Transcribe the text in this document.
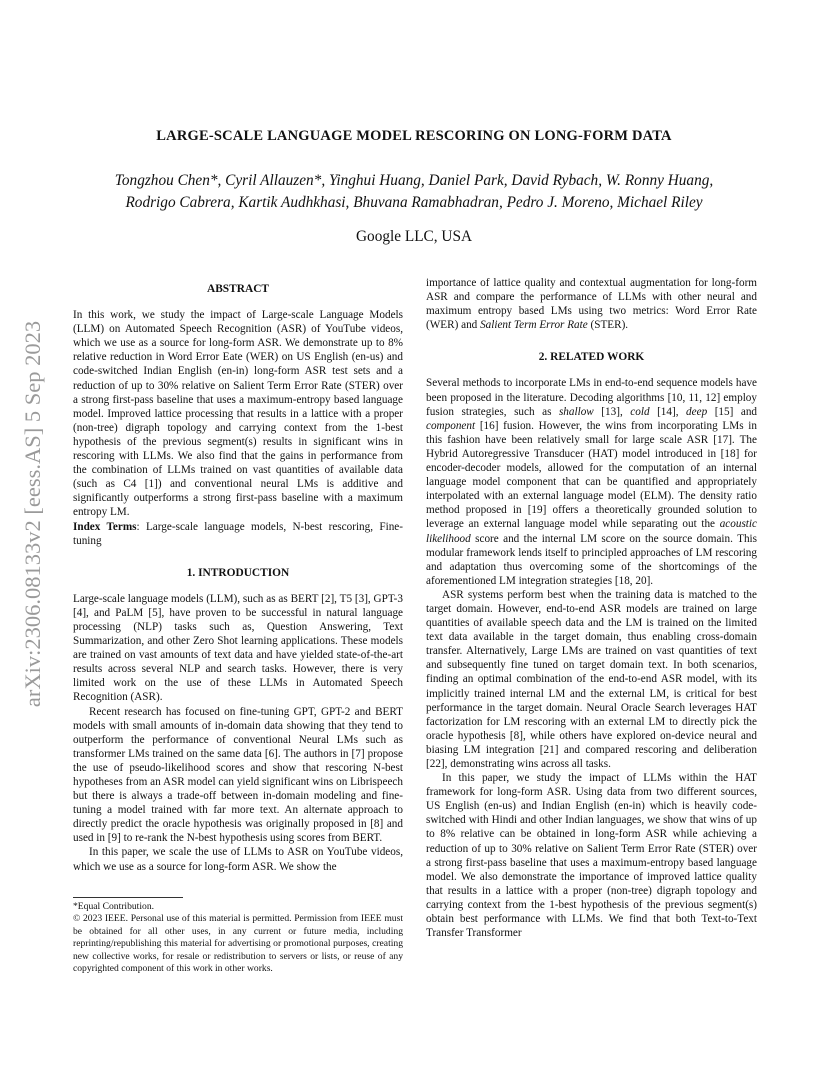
arXiv:2306.08133v2 [eess.AS] 5 Sep 2023
LARGE-SCALE LANGUAGE MODEL RESCORING ON LONG-FORM DATA
Tongzhou Chen*, Cyril Allauzen*, Yinghui Huang, Daniel Park, David Rybach, W. Ronny Huang,
Rodrigo Cabrera, Kartik Audhkhasi, Bhuvana Ramabhadran, Pedro J. Moreno, Michael Riley
Google LLC, USA
ABSTRACT

In this work, we study the impact of Large-scale Language Models (LLM) on Automated Speech Recognition (ASR) of YouTube videos, which we use as a source for long-form ASR. We demonstrate up to 8% relative reduction in Word Error Eate (WER) on US English (en-us) and code-switched Indian English (en-in) long-form ASR test sets and a reduction of up to 30% relative on Salient Term Error Rate (STER) over a strong first-pass baseline that uses a maximum-entropy based language model. Improved lattice processing that results in a lattice with a proper (non-tree) digraph topology and carrying context from the 1-best hypothesis of the previous segment(s) results in significant wins in rescoring with LLMs. We also find that the gains in performance from the combination of LLMs trained on vast quantities of available data (such as C4 [1]) and conventional neural LMs is additive and significantly outperforms a strong first-pass baseline with a maximum entropy LM.

Index Terms: Large-scale language models, N-best rescoring, Fine-tuning

1. INTRODUCTION

Large-scale language models (LLM), such as as BERT [2], T5 [3], GPT-3 [4], and PaLM [5], have proven to be successful in natural language processing (NLP) tasks such as, Question Answering, Text Summarization, and other Zero Shot learning applications. These models are trained on vast amounts of text data and have yielded state-of-the-art results across several NLP and search tasks. However, there is very limited work on the use of these LLMs in Automated Speech Recognition (ASR).

Recent research has focused on fine-tuning GPT, GPT-2 and BERT models with small amounts of in-domain data showing that they tend to outperform the performance of conventional Neural LMs such as transformer LMs trained on the same data [6]. The authors in [7] propose the use of pseudo-likelihood scores and show that rescoring N-best hypotheses from an ASR model can yield significant wins on Librispeech but there is always a trade-off between in-domain modeling and fine-tuning a model trained with far more text. An alternate approach to directly predict the oracle hypothesis was originally proposed in [8] and used in [9] to re-rank the N-best hypothesis using scores from BERT.

In this paper, we scale the use of LLMs to ASR on YouTube videos, which we use as a source for long-form ASR. We show the

*Equal Contribution.
© 2023 IEEE. Personal use of this material is permitted. Permission from IEEE must be obtained for all other uses, in any current or future media, including reprinting/republishing this material for advertising or promotional purposes, creating new collective works, for resale or redistribution to servers or lists, or reuse of any copyrighted component of this work in other works.

importance of lattice quality and contextual augmentation for long-form ASR and compare the performance of LLMs with other neural and maximum entropy based LMs using two metrics: Word Error Rate (WER) and Salient Term Error Rate (STER).

2. RELATED WORK

Several methods to incorporate LMs in end-to-end sequence models have been proposed in the literature. Decoding algorithms [10, 11, 12] employ fusion strategies, such as shallow [13], cold [14], deep [15] and component [16] fusion. However, the wins from incorporating LMs in this fashion have been relatively small for large scale ASR [17]. The Hybrid Autoregressive Transducer (HAT) model introduced in [18] for encoder-decoder models, allowed for the computation of an internal language model component that can be quantified and appropriately interpolated with an external language model (ELM). The density ratio method proposed in [19] offers a theoretically grounded solution to leverage an external language model while separating out the acoustic likelihood score and the internal LM score on the source domain. This modular framework lends itself to principled approaches of LM rescoring and adaptation thus overcoming some of the shortcomings of the aforementioned LM integration strategies [18, 20].

ASR systems perform best when the training data is matched to the target domain. However, end-to-end ASR models are trained on large quantities of available speech data and the LM is trained on the limited text data available in the target domain, thus enabling cross-domain transfer. Alternatively, Large LMs are trained on vast quantities of text and subsequently fine tuned on target domain text. In both scenarios, finding an optimal combination of the end-to-end ASR model, with its implicitly trained internal LM and the external LM, is critical for best performance in the target domain. Neural Oracle Search leverages HAT factorization for LM rescoring with an external LM to directly pick the oracle hypothesis [8], while others have explored on-device neural and biasing LM integration [21] and compared rescoring and deliberation [22], demonstrating wins across all tasks.

In this paper, we study the impact of LLMs within the HAT framework for long-form ASR. Using data from two different sources, US English (en-us) and Indian English (en-in) which is heavily code-switched with Hindi and other Indian languages, we show that wins of up to 8% relative can be obtained in long-form ASR while achieving a reduction of up to 30% relative on Salient Term Error Rate (STER) over a strong first-pass baseline that uses a maximum-entropy based language model. We also demonstrate the importance of improved lattice quality that results in a lattice with a proper (non-tree) digraph topology and carrying context from the 1-best hypothesis of the previous segment(s) obtain best performance with LLMs. We find that both Text-to-Text Transfer Transformer
